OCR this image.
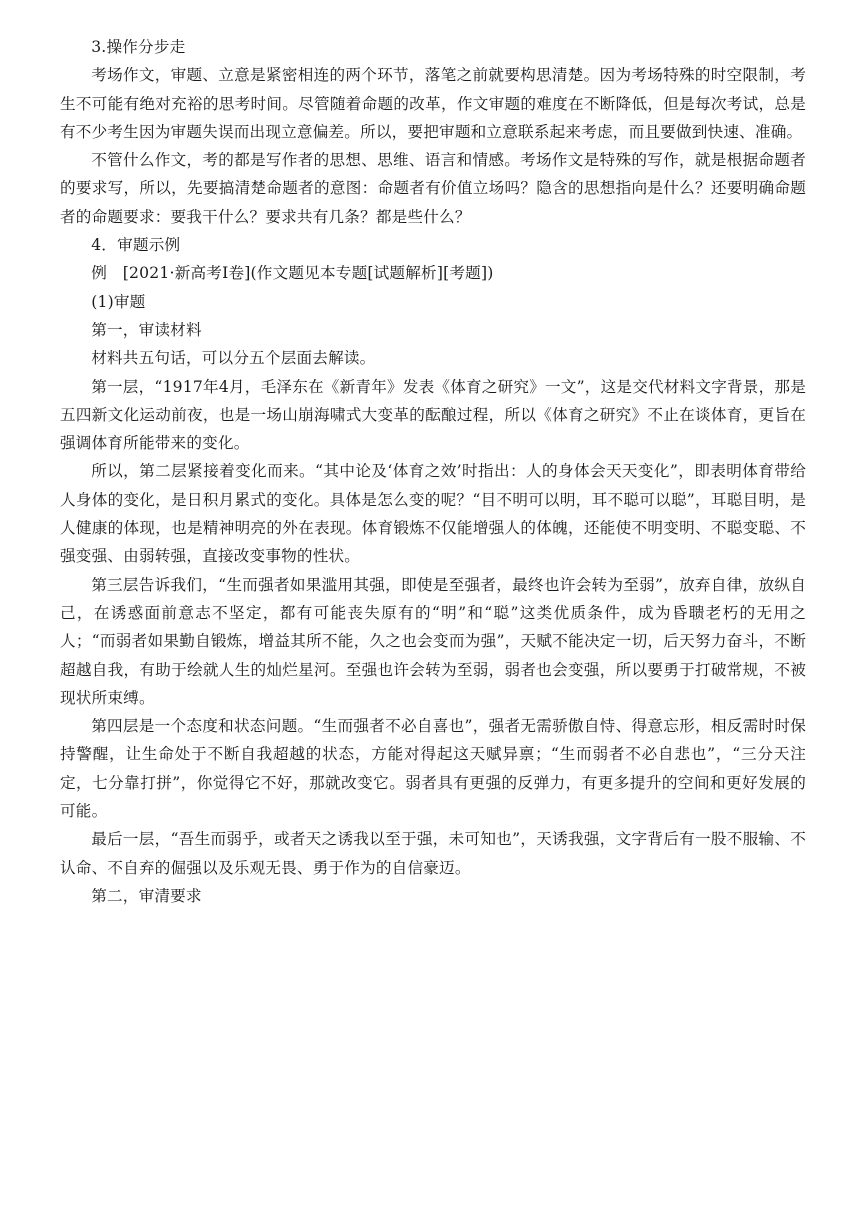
3.操作分步走

考场作文，审题、立意是紧密相连的两个环节，落笔之前就要构思清楚。因为考场特殊的时空限制，考生不可能有绝对充裕的思考时间。尽管随着命题的改革，作文审题的难度在不断降低，但是每次考试，总是有不少考生因为审题失误而出现立意偏差。所以，要把审题和立意联系起来考虑，而且要做到快速、准确。

不管什么作文，考的都是写作者的思想、思维、语言和情感。考场作文是特殊的写作，就是根据命题者的要求写，所以，先要搞清楚命题者的意图：命题者有价值立场吗？隐含的思想指向是什么？还要明确命题者的命题要求：要我干什么？要求共有几条？都是些什么？

4．审题示例

例　[2021·新高考Ⅰ卷](作文题见本专题[试题解析][考题])

(1)审题

第一，审读材料

材料共五句话，可以分五个层面去解读。

第一层，“1917年4月，毛泽东在《新青年》发表《体育之研究》一文”，这是交代材料文字背景，那是五四新文化运动前夜，也是一场山崩海啸式大变革的酝酿过程，所以《体育之研究》不止在谈体育，更旨在强调体育所能带来的变化。

所以，第二层紧接着变化而来。“其中论及‘体育之效’时指出：人的身体会天天变化”，即表明体育带给人身体的变化，是日积月累式的变化。具体是怎么变的呢？“目不明可以明，耳不聪可以聪”，耳聪目明，是人健康的体现，也是精神明亮的外在表现。体育锻炼不仅能增强人的体魄，还能使不明变明、不聪变聪、不强变强、由弱转强，直接改变事物的性状。

第三层告诉我们，“生而强者如果滥用其强，即使是至强者，最终也许会转为至弱”，放弃自律，放纵自己，在诱惑面前意志不坚定，都有可能丧失原有的“明”和“聪”这类优质条件，成为昏聩老朽的无用之人；“而弱者如果勤自锻炼，增益其所不能，久之也会变而为强”，天赋不能决定一切，后天努力奋斗，不断超越自我，有助于绘就人生的灿烂星河。至强也许会转为至弱，弱者也会变强，所以要勇于打破常规，不被现状所束缚。

第四层是一个态度和状态问题。“生而强者不必自喜也”，强者无需骄傲自恃、得意忘形，相反需时时保持警醒，让生命处于不断自我超越的状态，方能对得起这天赋异禀；“生而弱者不必自悲也”，“三分天注定，七分靠打拼”，你觉得它不好，那就改变它。弱者具有更强的反弹力，有更多提升的空间和更好发展的可能。

最后一层，“吾生而弱乎，或者天之诱我以至于强，未可知也”，天诱我强，文字背后有一股不服输、不认命、不自弃的倔强以及乐观无畏、勇于作为的自信豪迈。

第二，审清要求
